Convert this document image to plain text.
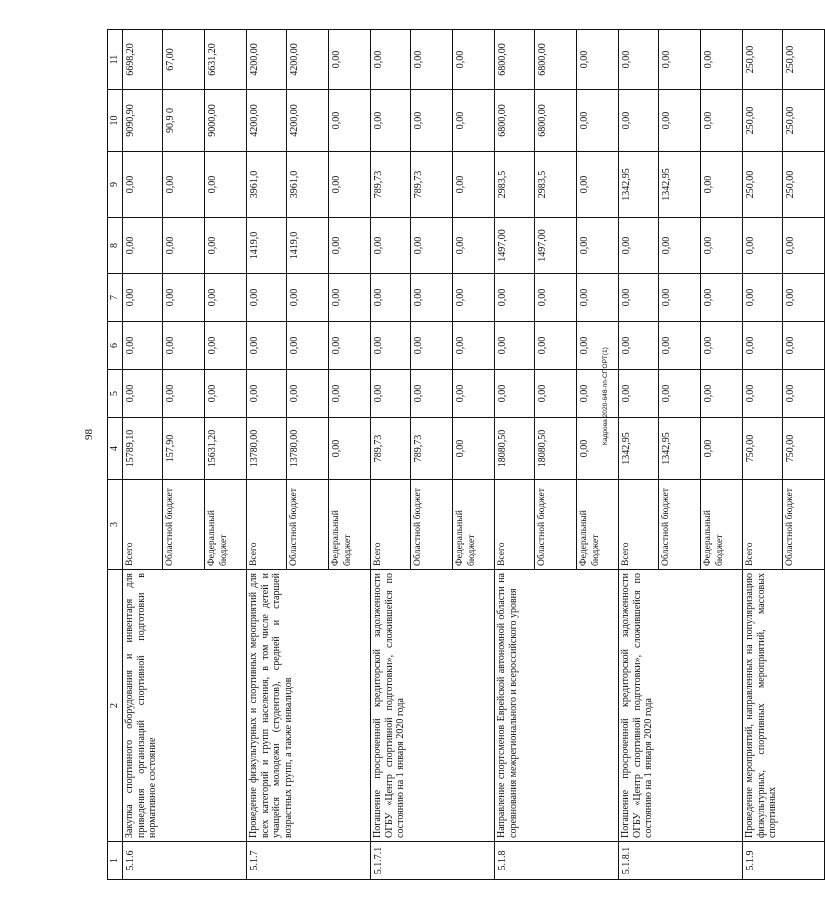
98	Кадрова 2020-648-пп-СПОРТ(1)
1	2	3	4	5	6	7	8	9	10	11
5.1.6	Закупка спортивного оборудования и инвентаря для приведения организаций спортивной подготовки в нормативное состояние	Всего	15789,10	0,00	0,00	0,00	0,00	0,00	9090,90	6698,20
		Областной бюджет	157,90	0,00	0,00	0,00	0,00	0,00	90,9 0	67,00
		Федеральный бюджет	15631,20	0,00	0,00	0,00	0,00	0,00	9000,00	6631,20
5.1.7	Проведение физкультурных и спортивных мероприятий для всех категорий и групп населения, в том числе детей и учащейся молодежи (студентов), средней и старшей возрастных групп, а также инвалидов	Всего	13780,00	0,00	0,00	0,00	1419,0	3961,0	4200,00	4200,00
		Областной бюджет	13780,00	0,00	0,00	0,00	1419,0	3961,0	4200,00	4200,00
		Федеральный бюджет	0,00	0,00	0,00	0,00	0,00	0,00	0,00	0,00
5.1.7.1	Погашение просроченной кредиторской задолженности ОГБУ «Центр спортивной подготовки», сложившейся по состоянию на 1 января 2020 года	Всего	789,73	0,00	0,00	0,00	0,00	789,73	0,00	0,00
		Областной бюджет	789,73	0,00	0,00	0,00	0,00	789,73	0,00	0,00
		Федеральный бюджет	0,00	0,00	0,00	0,00	0,00	0,00	0,00	0,00
5.1.8	Направление спортсменов Еврейской автономной области на соревнования межрегионального и всероссийского уровня	Всего	18080,50	0,00	0,00	0,00	1497,00	2983,5	6800,00	6800,00
		Областной бюджет	18080,50	0,00	0,00	0,00	1497,00	2983,5	6800,00	6800,00
		Федеральный бюджет	0,00	0,00	0,00	0,00	0,00	0,00	0,00	0,00
5.1.8.1	Погашение просроченной кредиторской задолженности ОГБУ «Центр спортивной подготовки», сложившейся по состоянию на 1 января 2020 года	Всего	1342,95	0,00	0,00	0,00	0,00	1342,95	0,00	0,00
		Областной бюджет	1342,95	0,00	0,00	0,00	0,00	1342,95	0,00	0,00
		Федеральный бюджет	0,00	0,00	0,00	0,00	0,00	0,00	0,00	0,00
5.1.9	Проведение мероприятий, направленных на популяризацию физкультурных, спортивных мероприятий, массовых спортивных	Всего	750,00	0,00	0,00	0,00	0,00	250,00	250,00	250,00
		Областной бюджет	750,00	0,00	0,00	0,00	0,00	250,00	250,00	250,00
